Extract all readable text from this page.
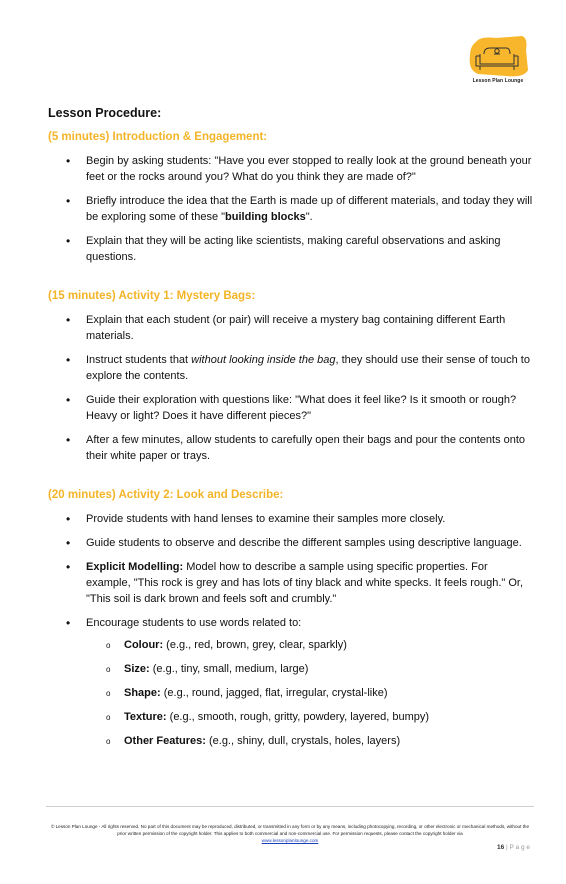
Lesson Plan Lounge
Lesson Procedure:
(5 minutes) Introduction & Engagement:
• Begin by asking students: "Have you ever stopped to really look at the ground beneath your feet or the rocks around you? What do you think they are made of?"
• Briefly introduce the idea that the Earth is made up of different materials, and today they will be exploring some of these "building blocks".
• Explain that they will be acting like scientists, making careful observations and asking questions.
(15 minutes) Activity 1: Mystery Bags:
• Explain that each student (or pair) will receive a mystery bag containing different Earth materials.
• Instruct students that without looking inside the bag, they should use their sense of touch to explore the contents.
• Guide their exploration with questions like: "What does it feel like? Is it smooth or rough? Heavy or light? Does it have different pieces?"
• After a few minutes, allow students to carefully open their bags and pour the contents onto their white paper or trays.
(20 minutes) Activity 2: Look and Describe:
• Provide students with hand lenses to examine their samples more closely.
• Guide students to observe and describe the different samples using descriptive language.
• Explicit Modelling: Model how to describe a sample using specific properties. For example, "This rock is grey and has lots of tiny black and white specks. It feels rough." Or, "This soil is dark brown and feels soft and crumbly."
• Encourage students to use words related to:
o Colour: (e.g., red, brown, grey, clear, sparkly)
o Size: (e.g., tiny, small, medium, large)
o Shape: (e.g., round, jagged, flat, irregular, crystal-like)
o Texture: (e.g., smooth, rough, gritty, powdery, layered, bumpy)
o Other Features: (e.g., shiny, dull, crystals, holes, layers)
© Lesson Plan Lounge - All rights reserved. No part of this document may be reproduced, distributed, or transmitted in any form or by any means, including photocopying, recording, or other electronic or mechanical methods, without the prior written permission of the copyright holder. This applies to both commercial and non-commercial use. For permission requests, please contact the copyright holder via
www.lessonplanlounge.com
16 | P a g e
